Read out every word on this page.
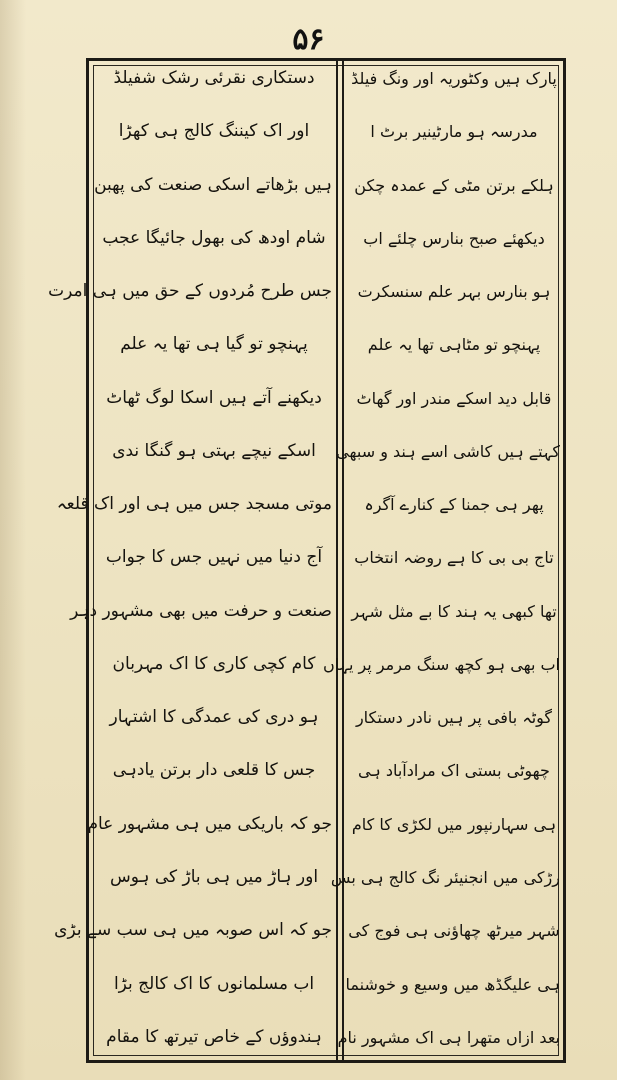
۵۶
پارک ہیں وکٹوریہ اور ونگ فیلڈ
مدرسہ ہو مارٹینیر برٹ ا
ہلکے برتن مٹی کے عمدہ چکن
دیکھئے صبح بنارس چلئے اب
ہو بنارس بہر علم سنسکرت
پہنچو تو مٹاہی تھا یہ علم
قابل دید اسکے مندر اور گھاٹ
کہتے ہیں کاشی اسے ہند و سبھی
پھر ہی جمنا کے کنارے آگرہ
تاج بی بی کا ہے روضہ انتخاب
تھا کبھی یہ ہند کا بے مثل شہر
اب بھی ہو کچھ سنگ مرمر پر یہاں
گوٹہ بافی پر ہیں نادر دستکار
چھوٹی بستی اک مرادآباد ہی
ہی سہارنپور میں لکڑی کا کام
رڑکی میں انجنیئر نگ کالج ہی بس
شہر میرٹھ چھاؤنی ہی فوج کی
ہی علیگڈھ میں وسیع و خوشنما
بعد ازاں متھرا ہی اک مشہور نام
دستکاری نقرئی رشک شفیلڈ
اور اک کیننگ کالج ہی کھڑا
ہیں بڑھاتے اسکی صنعت کی پھبن
شام اودھ کی بھول جائیگا عجب
جس طرح مُردوں کے حق میں ہی امرت
پہنچو تو گیا ہی تھا یہ علم
دیکھنے آتے ہیں اسکا لوگ ٹھاٹ
اسکے نیچے بہتی ہو گنگا ندی
موتی مسجد جس میں ہی اور اک قلعہ
آج دنیا میں نہیں جس کا جواب
صنعت و حرفت میں بھی مشہور دہر
کام کچی کاری کا اک مہربان
ہو دری کی عمدگی کا اشتہار
جس کا قلعی دار برتن یادہی
جو کہ باریکی میں ہی مشہور عام
اور ہاڑ میں ہی باڑ کی ہوس
جو کہ اس صوبہ میں ہی سب سے بڑی
اب مسلمانوں کا اک کالج بڑا
ہندوؤں کے خاص تیرتھ کا مقام
